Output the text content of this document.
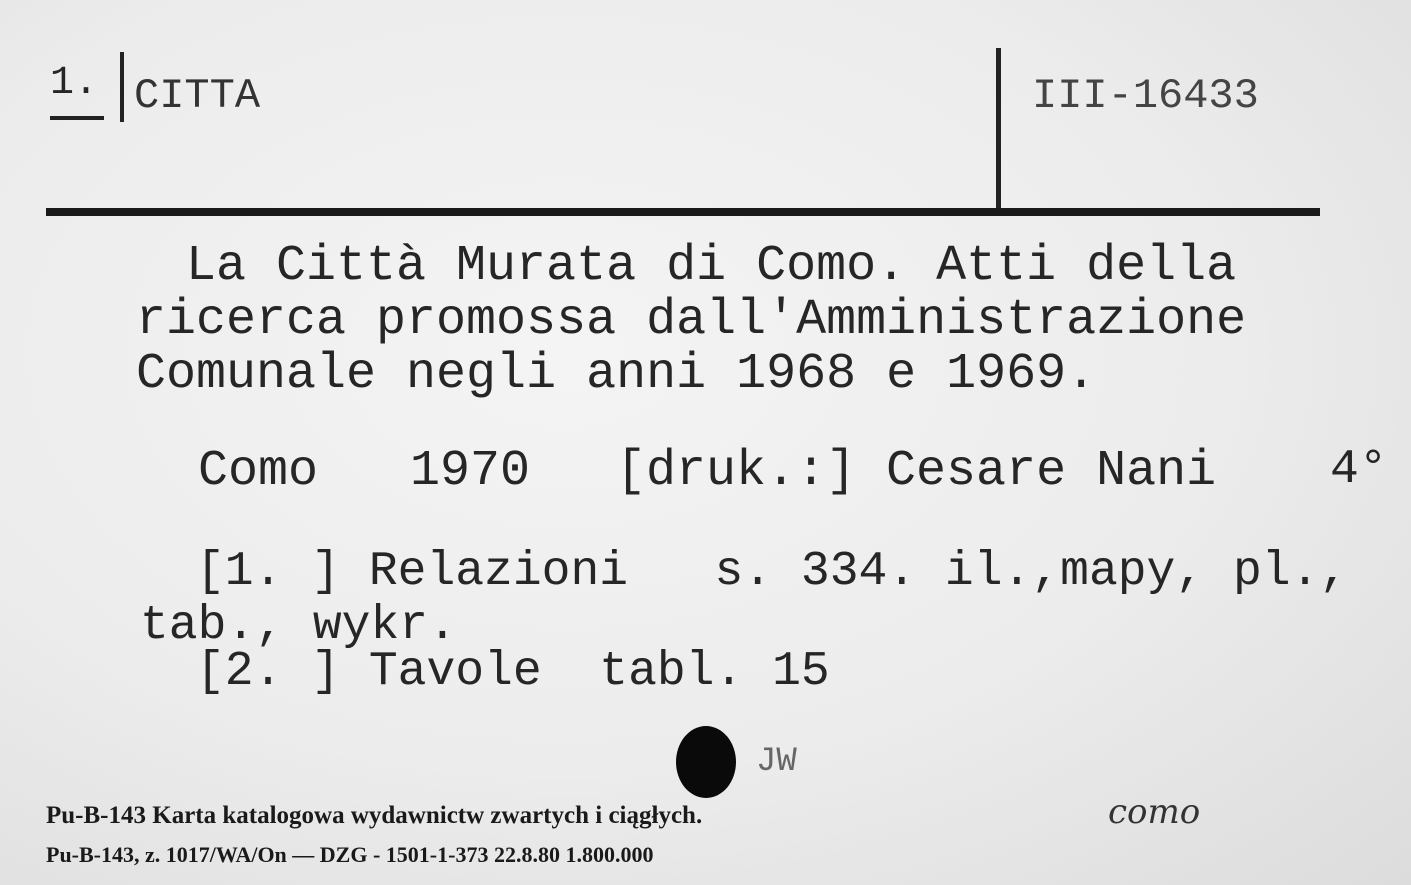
1. CITTA	III-16433
La Città Murata di Como. Atti della
ricerca promossa dall'Amministrazione
Comunale negli anni 1968 e 1969.
Como 1970 [druk.:] Cesare Nani 4°
[1. ] Relazioni   s. 334. il.,mapy, pl.,
tab., wykr.
[2. ] Tavole  tabl. 15
JW
Pu-B-143 Karta katalogowa wydawnictw zwartych i ciągłych.
Pu-B-143, z. 1017/WA/On — DZG - 1501-1-373 22.8.80 1.800.000
como
